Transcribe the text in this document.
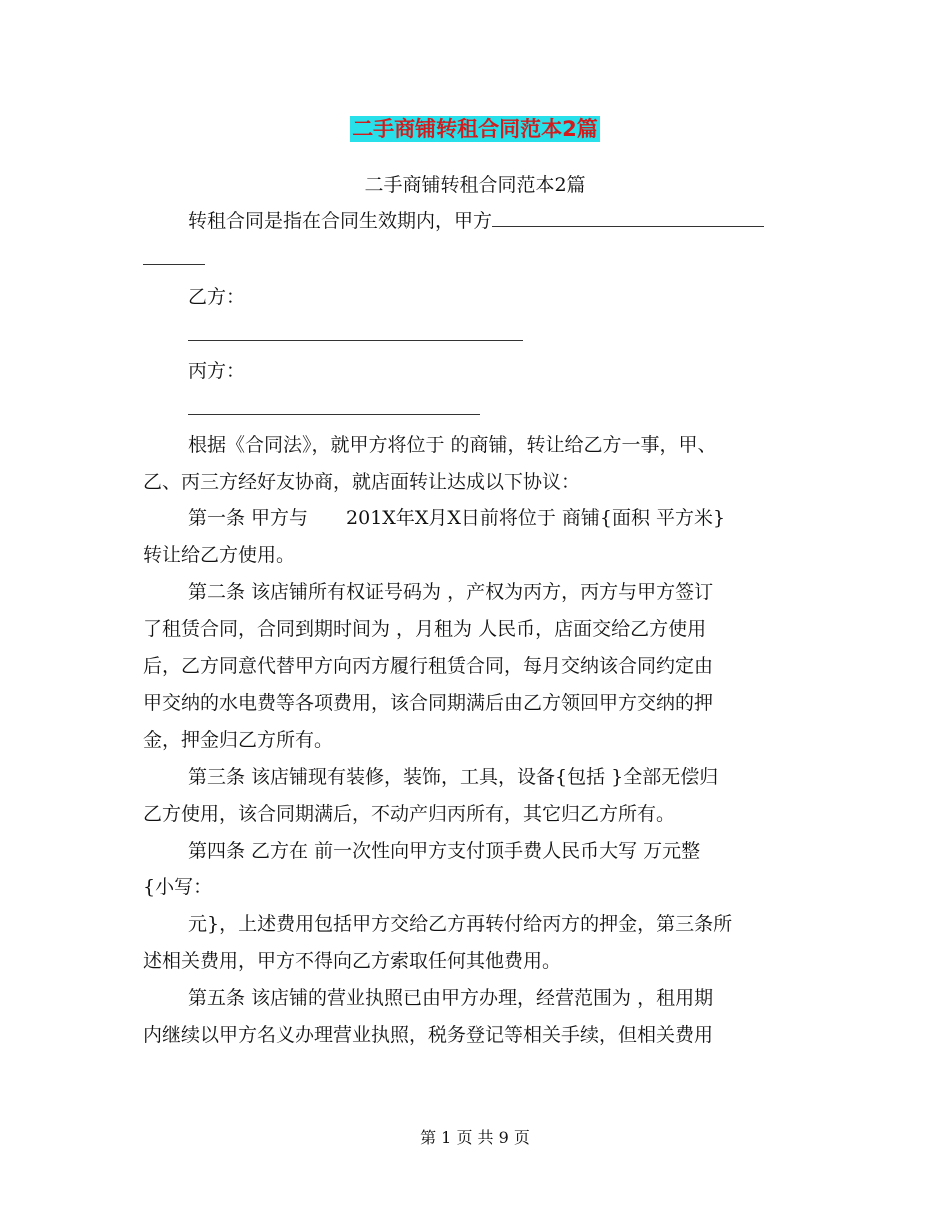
二手商铺转租合同范本2篇
二手商铺转租合同范本2篇
转租合同是指在合同生效期内，甲方
乙方：
丙方：
根据《合同法》，就甲方将位于 的商铺，转让给乙方一事，甲、
乙、丙三方经好友协商，就店面转让达成以下协议：
第一条 甲方与　　201X年X月X日前将位于 商铺{面积 平方米}
转让给乙方使用。
第二条 该店铺所有权证号码为 ，产权为丙方，丙方与甲方签订
了租赁合同，合同到期时间为 ，月租为 人民币，店面交给乙方使用
后，乙方同意代替甲方向丙方履行租赁合同，每月交纳该合同约定由
甲交纳的水电费等各项费用，该合同期满后由乙方领回甲方交纳的押
金，押金归乙方所有。
第三条 该店铺现有装修，装饰，工具，设备{包括 }全部无偿归
乙方使用，该合同期满后，不动产归丙所有，其它归乙方所有。
第四条 乙方在 前一次性向甲方支付顶手费人民币大写 万元整
{小写：
元}，上述费用包括甲方交给乙方再转付给丙方的押金，第三条所
述相关费用，甲方不得向乙方索取任何其他费用。
第五条 该店铺的营业执照已由甲方办理，经营范围为 ，租用期
内继续以甲方名义办理营业执照，税务登记等相关手续，但相关费用
第 1 页 共 9 页
